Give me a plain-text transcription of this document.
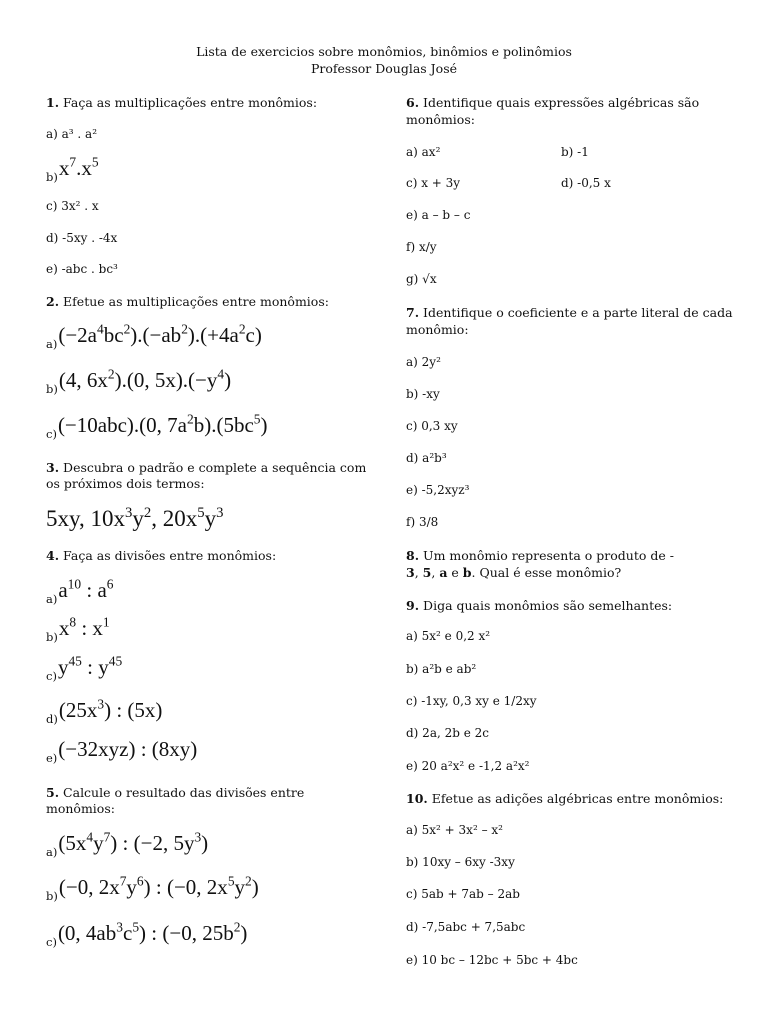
Lista de exercicios sobre monômios, binômios e polinômios
Professor Douglas José
1. Faça as multiplicações entre monômios:
a) a³ . a²
$_{b)}x^7.x^5$
c) 3x² . x
d) -5xy . -4x
e) -abc . bc³
2. Efetue as multiplicações entre monômios:
$_{a)}(-2a^4bc^2).(-ab^2).(+4a^2c)$
$_{b)}$(4, $6x^2).(0$, $5x).(-y^4)$
$_{c)}$(−10abc).(0, $7a^2b).(5bc^5)$
3. Descubra o padrão e complete a sequência com
os próximos dois termos:
5xy, $10x^3y^2$, $20x^5y^3$
4. Faça as divisões entre monômios:
$_{a)}a^{10}$ : $a^6$
$_{b)}x^8$ : $x^1$
$_{c)}y^{45}$ : $y^{45}$
$_{d)}(25x^3)$ : (5x)
$_{e)}$(−32xyz) : (8xy)
5. Calcule o resultado das divisões entre
monômios:
$_{a)}(5x^4y^7)$ : (−2, $5y^3$)
$_{b)}$(−0, $2x^7y^6$) : (−0, $2x^5y^2$)
$_{c)}$(0, $4ab^3c^5$) : (−0, $25b^2$)
6. Identifique quais expressões algébricas são
monômios:
a) ax²	b) -1
c) x + 3y	d) -0,5 x
e) a – b – c
f) x/y
g) √x
7. Identifique o coeficiente e a parte literal de cada
monômio:
a) 2y²
b) -xy
c) 0,3 xy
d) a²b³
e) -5,2xyz³
f) 3/8
8. Um monômio representa o produto de -
3, 5, a e b. Qual é esse monômio?
9. Diga quais monômios são semelhantes:
a) 5x² e 0,2 x²
b) a²b e ab²
c) -1xy, 0,3 xy e 1/2xy
d) 2a, 2b e 2c
e) 20 a²x² e -1,2 a²x²
10. Efetue as adições algébricas entre monômios:
a) 5x² + 3x² – x²
b) 10xy – 6xy -3xy
c) 5ab + 7ab – 2ab
d) -7,5abc + 7,5abc
e) 10 bc – 12bc + 5bc + 4bc
